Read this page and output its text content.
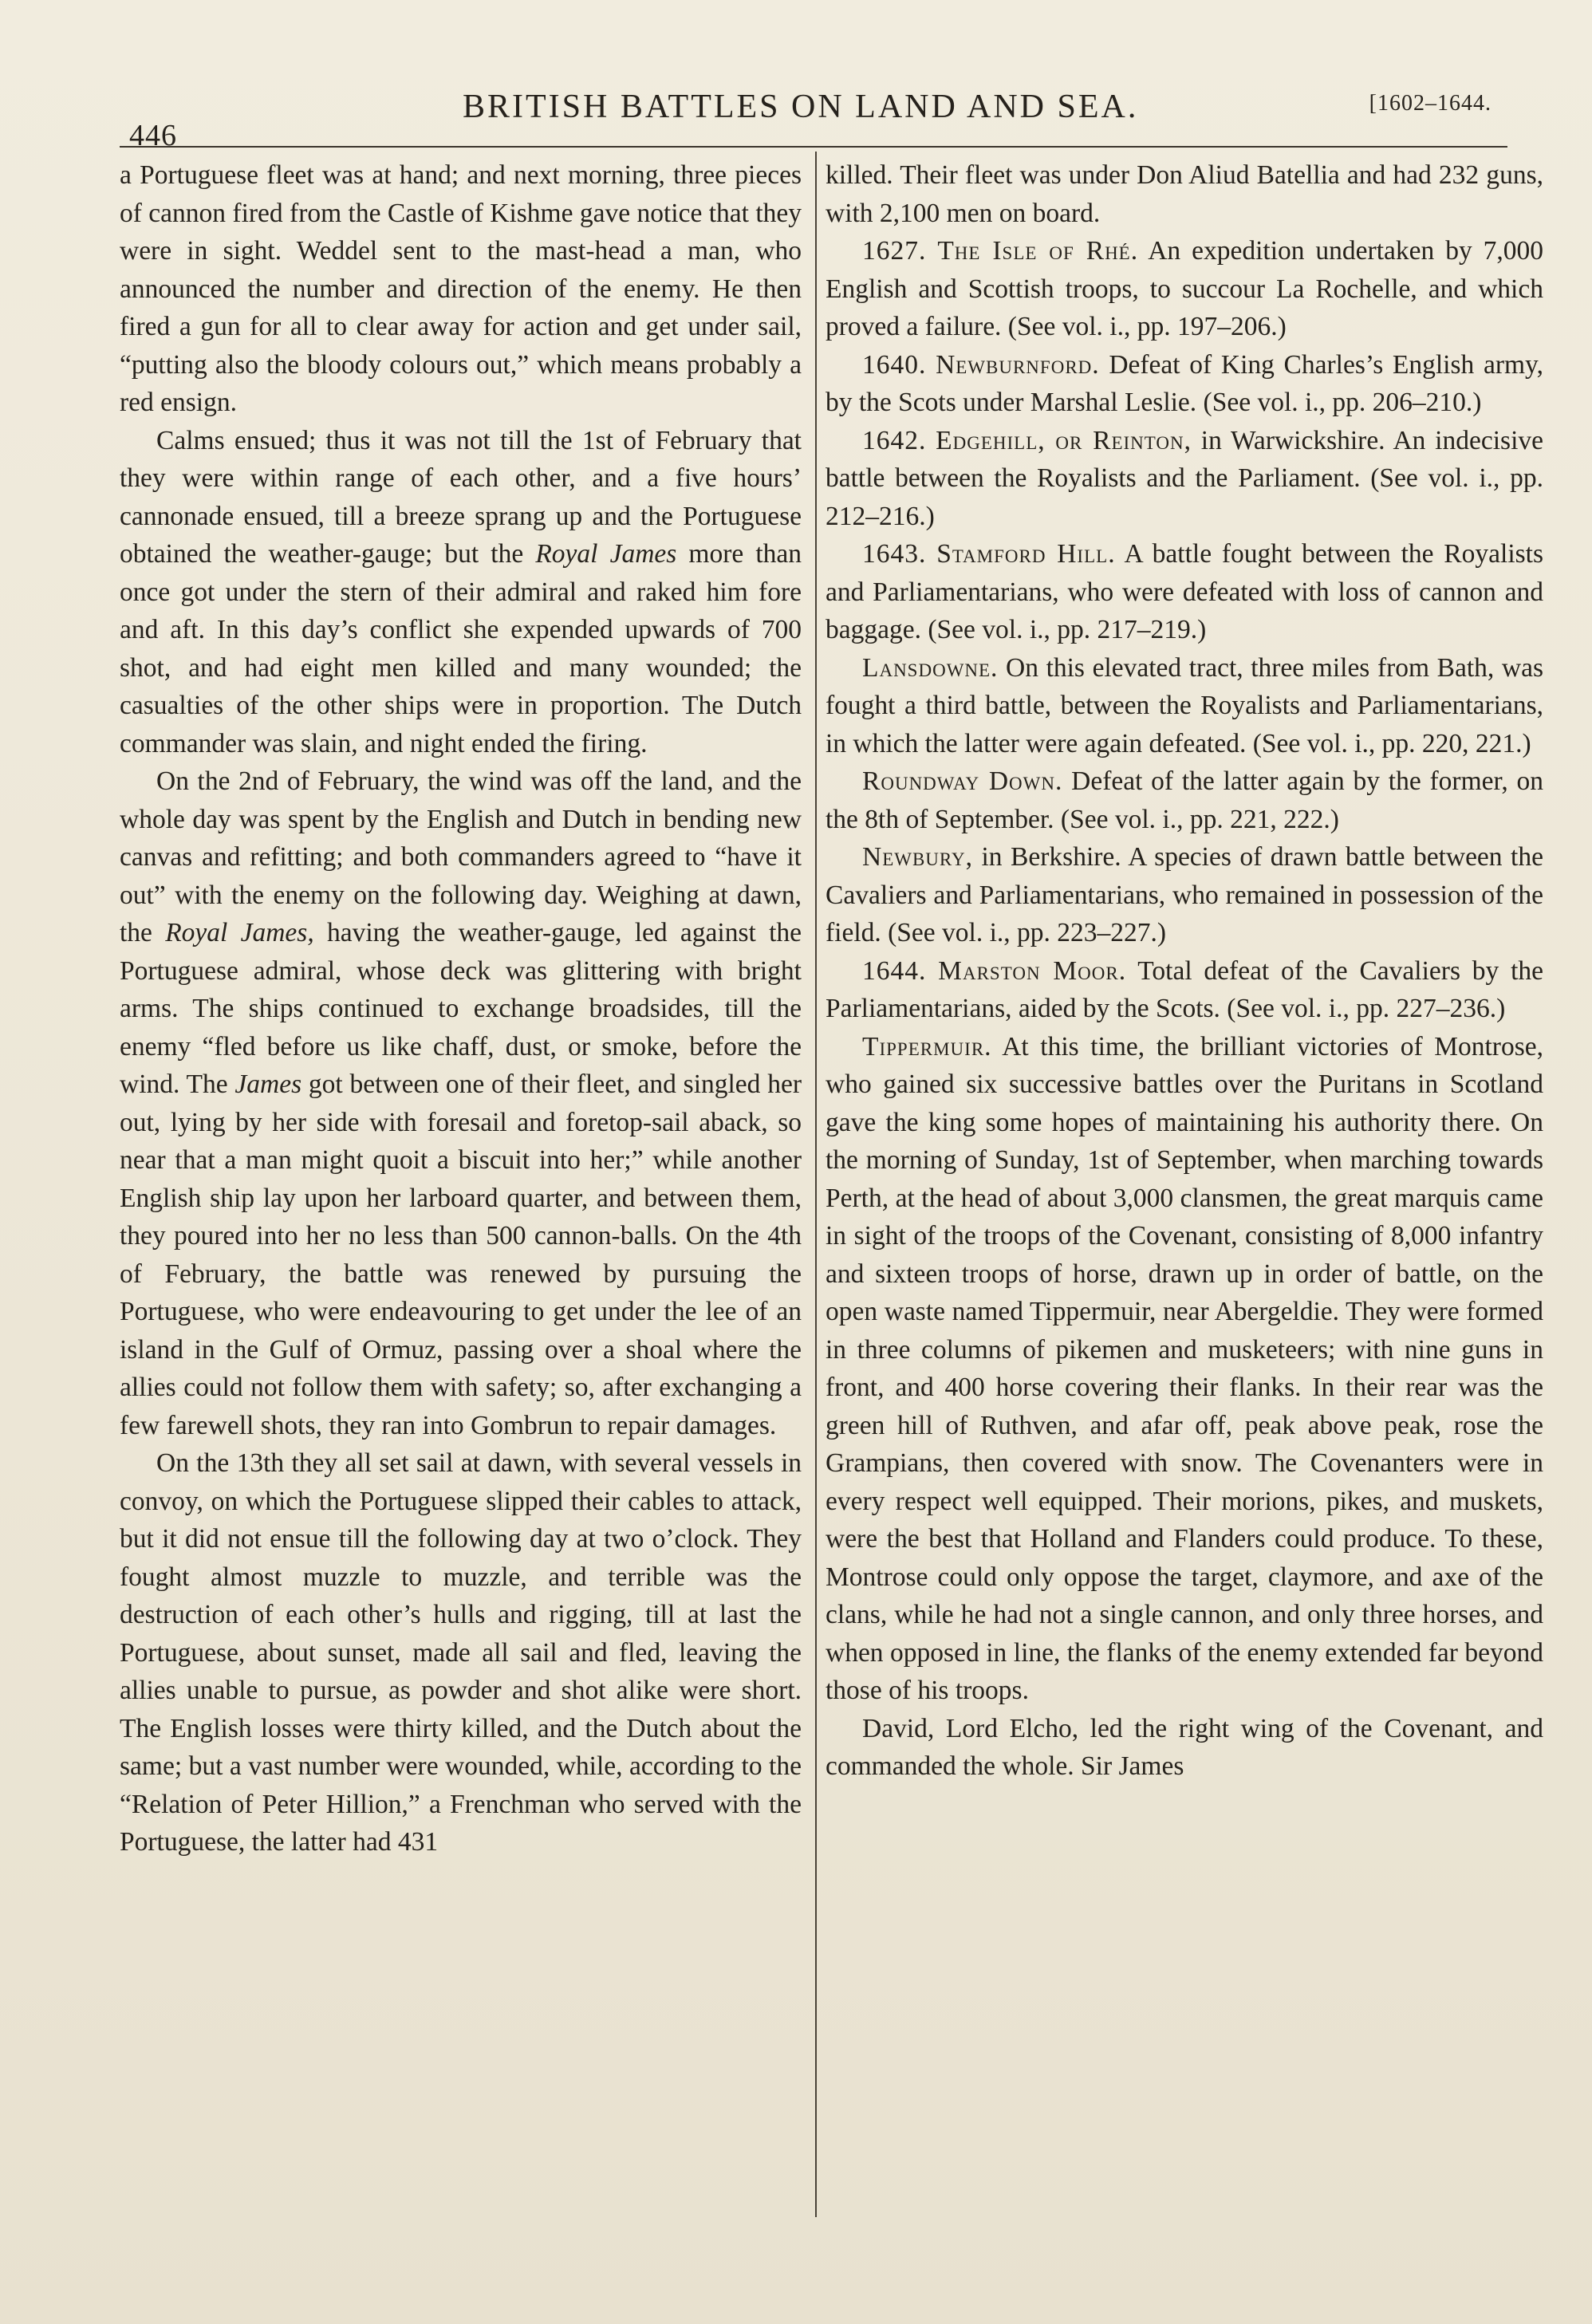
446
BRITISH BATTLES ON LAND AND SEA.	[1602–1644.

a Portuguese fleet was at hand; and next morning, three pieces of cannon fired from the Castle of Kishme gave notice that they were in sight. Weddel sent to the mast-head a man, who announced the number and direction of the enemy. He then fired a gun for all to clear away for action and get under sail, “putting also the bloody colours out,” which means probably a red ensign.

Calms ensued; thus it was not till the 1st of February that they were within range of each other, and a five hours’ cannonade ensued, till a breeze sprang up and the Portuguese obtained the weather-gauge; but the Royal James more than once got under the stern of their admiral and raked him fore and aft. In this day’s conflict she expended upwards of 700 shot, and had eight men killed and many wounded; the casualties of the other ships were in proportion. The Dutch commander was slain, and night ended the firing.

On the 2nd of February, the wind was off the land, and the whole day was spent by the English and Dutch in bending new canvas and refitting; and both commanders agreed to “have it out” with the enemy on the following day. Weighing at dawn, the Royal James, having the weather-gauge, led against the Portuguese admiral, whose deck was glittering with bright arms. The ships continued to exchange broadsides, till the enemy “fled before us like chaff, dust, or smoke, before the wind. The James got between one of their fleet, and singled her out, lying by her side with foresail and foretop-sail aback, so near that a man might quoit a biscuit into her;” while another English ship lay upon her larboard quarter, and between them, they poured into her no less than 500 cannon-balls. On the 4th of February, the battle was renewed by pursuing the Portuguese, who were endeavouring to get under the lee of an island in the Gulf of Ormuz, passing over a shoal where the allies could not follow them with safety; so, after exchanging a few farewell shots, they ran into Gombrun to repair damages.

On the 13th they all set sail at dawn, with several vessels in convoy, on which the Portuguese slipped their cables to attack, but it did not ensue till the following day at two o’clock. They fought almost muzzle to muzzle, and terrible was the destruction of each other’s hulls and rigging, till at last the Portuguese, about sunset, made all sail and fled, leaving the allies unable to pursue, as powder and shot alike were short. The English losses were thirty killed, and the Dutch about the same; but a vast number were wounded, while, according to the “Relation of Peter Hillion,” a Frenchman who served with the Portuguese, the latter had 431

killed. Their fleet was under Don Aliud Batellia and had 232 guns, with 2,100 men on board.

1627. The Isle of Rhé. An expedition undertaken by 7,000 English and Scottish troops, to succour La Rochelle, and which proved a failure. (See vol. i., pp. 197–206.)

1640. Newburnford. Defeat of King Charles’s English army, by the Scots under Marshal Leslie. (See vol. i., pp. 206–210.)

1642. Edgehill, or Reinton, in Warwickshire. An indecisive battle between the Royalists and the Parliament. (See vol. i., pp. 212–216.)

1643. Stamford Hill. A battle fought between the Royalists and Parliamentarians, who were defeated with loss of cannon and baggage. (See vol. i., pp. 217–219.)

Lansdowne. On this elevated tract, three miles from Bath, was fought a third battle, between the Royalists and Parliamentarians, in which the latter were again defeated. (See vol. i., pp. 220, 221.)

Roundway Down. Defeat of the latter again by the former, on the 8th of September. (See vol. i., pp. 221, 222.)

Newbury, in Berkshire. A species of drawn battle between the Cavaliers and Parliamentarians, who remained in possession of the field. (See vol. i., pp. 223–227.)

1644. Marston Moor. Total defeat of the Cavaliers by the Parliamentarians, aided by the Scots. (See vol. i., pp. 227–236.)

Tippermuir. At this time, the brilliant victories of Montrose, who gained six successive battles over the Puritans in Scotland gave the king some hopes of maintaining his authority there. On the morning of Sunday, 1st of September, when marching towards Perth, at the head of about 3,000 clansmen, the great marquis came in sight of the troops of the Covenant, consisting of 8,000 infantry and sixteen troops of horse, drawn up in order of battle, on the open waste named Tippermuir, near Abergeldie. They were formed in three columns of pikemen and musketeers; with nine guns in front, and 400 horse covering their flanks. In their rear was the green hill of Ruthven, and afar off, peak above peak, rose the Grampians, then covered with snow. The Covenanters were in every respect well equipped. Their morions, pikes, and muskets, were the best that Holland and Flanders could produce. To these, Montrose could only oppose the target, claymore, and axe of the clans, while he had not a single cannon, and only three horses, and when opposed in line, the flanks of the enemy extended far beyond those of his troops.

David, Lord Elcho, led the right wing of the Covenant, and commanded the whole. Sir James
